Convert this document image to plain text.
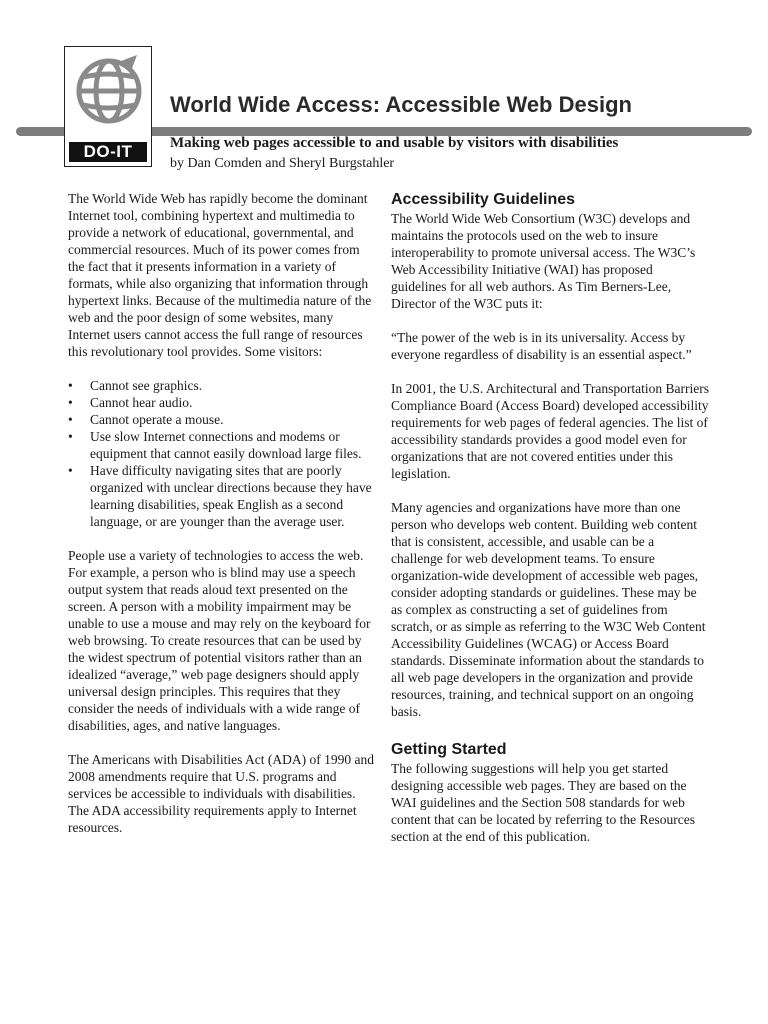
DO-IT
World Wide Access: Accessible Web Design

Making web pages accessible to and usable by visitors with disabilities

by Dan Comden and Sheryl Burgstahler

The World Wide Web has rapidly become the dominant Internet tool, combining hypertext and multimedia to provide a network of educational, governmental, and commercial resources. Much of its power comes from the fact that it presents information in a variety of formats, while also organizing that information through hypertext links. Because of the multimedia nature of the web and the poor design of some websites, many Internet users cannot access the full range of resources this revolutionary tool provides. Some visitors:

• Cannot see graphics.
• Cannot hear audio.
• Cannot operate a mouse.
• Use slow Internet connections and modems or equipment that cannot easily download large files.
• Have difficulty navigating sites that are poorly organized with unclear directions because they have learning disabilities, speak English as a second language, or are younger than the average user.

People use a variety of technologies to access the web. For example, a person who is blind may use a speech output system that reads aloud text presented on the screen. A person with a mobility impairment may be unable to use a mouse and may rely on the keyboard for web browsing. To create resources that can be used by the widest spectrum of potential visitors rather than an idealized “average,” web page designers should apply universal design principles. This requires that they consider the needs of individuals with a wide range of disabilities, ages, and native languages.

The Americans with Disabilities Act (ADA) of 1990 and 2008 amendments require that U.S. programs and services be accessible to individuals with disabilities. The ADA accessibility requirements apply to Internet resources.

Accessibility Guidelines

The World Wide Web Consortium (W3C) develops and maintains the protocols used on the web to insure interoperability to promote universal access. The W3C’s Web Accessibility Initiative (WAI) has proposed guidelines for all web authors. As Tim Berners-Lee, Director of the W3C puts it:

“The power of the web is in its universality. Access by everyone regardless of disability is an essential aspect.”

In 2001, the U.S. Architectural and Transportation Barriers Compliance Board (Access Board) developed accessibility requirements for web pages of federal agencies. The list of accessibility standards provides a good model even for organizations that are not covered entities under this legislation.

Many agencies and organizations have more than one person who develops web content. Building web content that is consistent, accessible, and usable can be a challenge for web development teams. To ensure organization-wide development of accessible web pages, consider adopting standards or guidelines. These may be as complex as constructing a set of guidelines from scratch, or as simple as referring to the W3C Web Content Accessibility Guidelines (WCAG) or Access Board standards. Disseminate information about the standards to all web page developers in the organization and provide resources, training, and technical support on an ongoing basis.

Getting Started

The following suggestions will help you get started designing accessible web pages. They are based on the WAI guidelines and the Section 508 standards for web content that can be located by referring to the Resources section at the end of this publication.
